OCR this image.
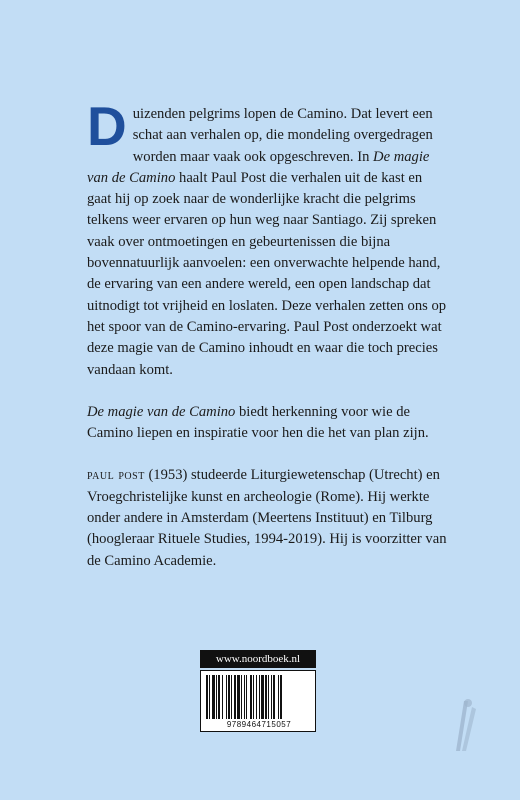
Duizenden pelgrims lopen de Camino. Dat levert een schat aan verhalen op, die mondeling overgedragen worden maar vaak ook opgeschreven. In De magie van de Camino haalt Paul Post die verhalen uit de kast en gaat hij op zoek naar de wonderlijke kracht die pelgrims telkens weer ervaren op hun weg naar Santiago. Zij spreken vaak over ontmoetingen en gebeurtenissen die bijna bovennatuurlijk aanvoelen: een onverwachte helpende hand, de ervaring van een andere wereld, een open landschap dat uitnodigt tot vrijheid en loslaten. Deze verhalen zetten ons op het spoor van de Camino-ervaring. Paul Post onderzoekt wat deze magie van de Camino inhoudt en waar die toch precies vandaan komt.

De magie van de Camino biedt herkenning voor wie de Camino liepen en inspiratie voor hen die het van plan zijn.

paul post (1953) studeerde Liturgiewetenschap (Utrecht) en Vroegchristelijke kunst en archeologie (Rome). Hij werkte onder andere in Amsterdam (Meertens Instituut) en Tilburg (hoogleraar Rituele Studies, 1994-2019). Hij is voorzitter van de Camino Academie.

www.noordboek.nl
9789464715057
